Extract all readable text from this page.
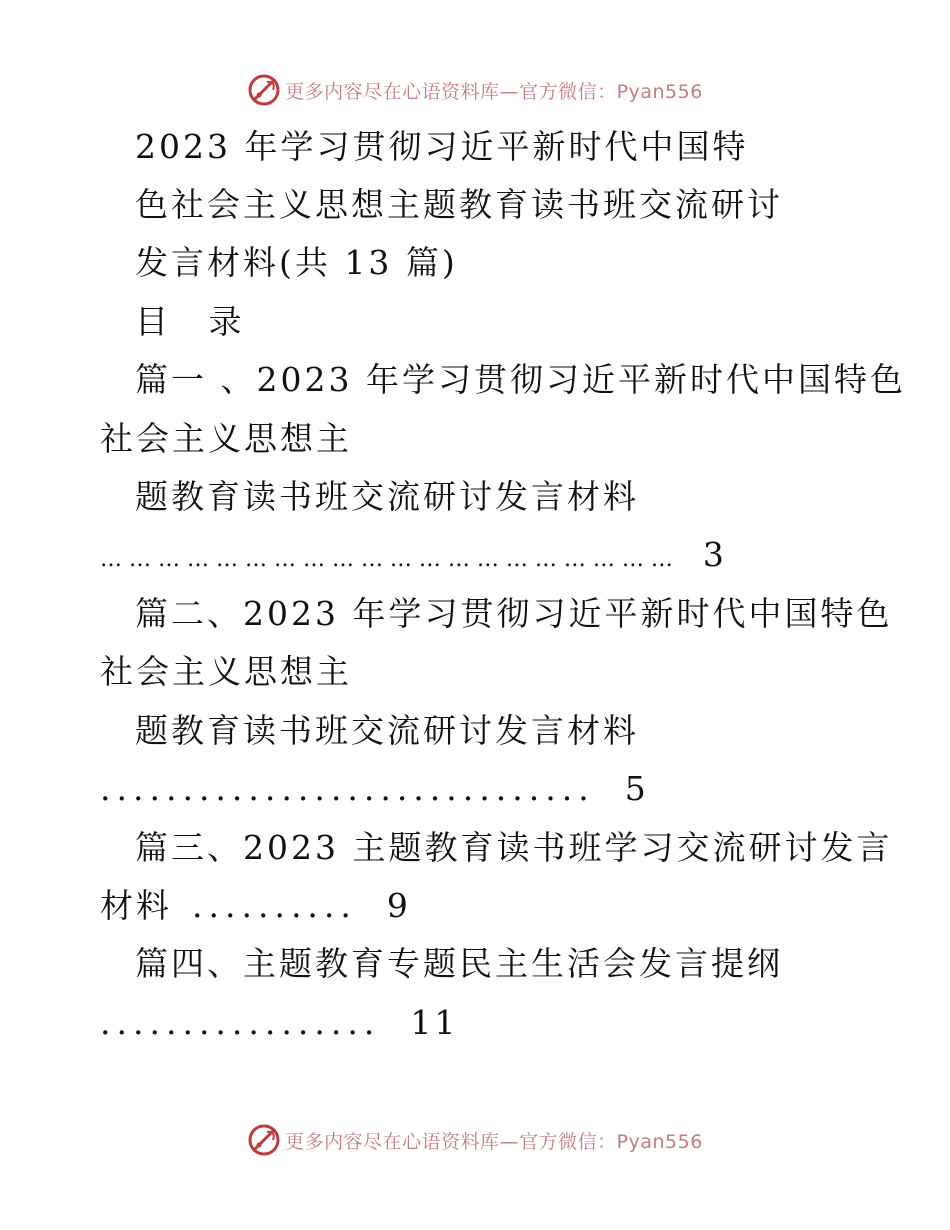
更多内容尽在心语资料库—官方微信：Pyan556
2023 年学习贯彻习近平新时代中国特
色社会主义思想主题教育读书班交流研讨
发言材料(共 13 篇)
目 录
篇一 、2023 年学习贯彻习近平新时代中国特色
社会主义思想主
题教育读书班交流研讨发言材料
… … … … … … … … … … … … … … … … … … … … 3
篇二、2023 年学习贯彻习近平新时代中国特色
社会主义思想主
题教育读书班交流研讨发言材料
.............................. 5
篇三、2023 主题教育读书班学习交流研讨发言
材料 .......... 9
篇四、主题教育专题民主生活会发言提纲
................. 11
更多内容尽在心语资料库—官方微信：Pyan556
